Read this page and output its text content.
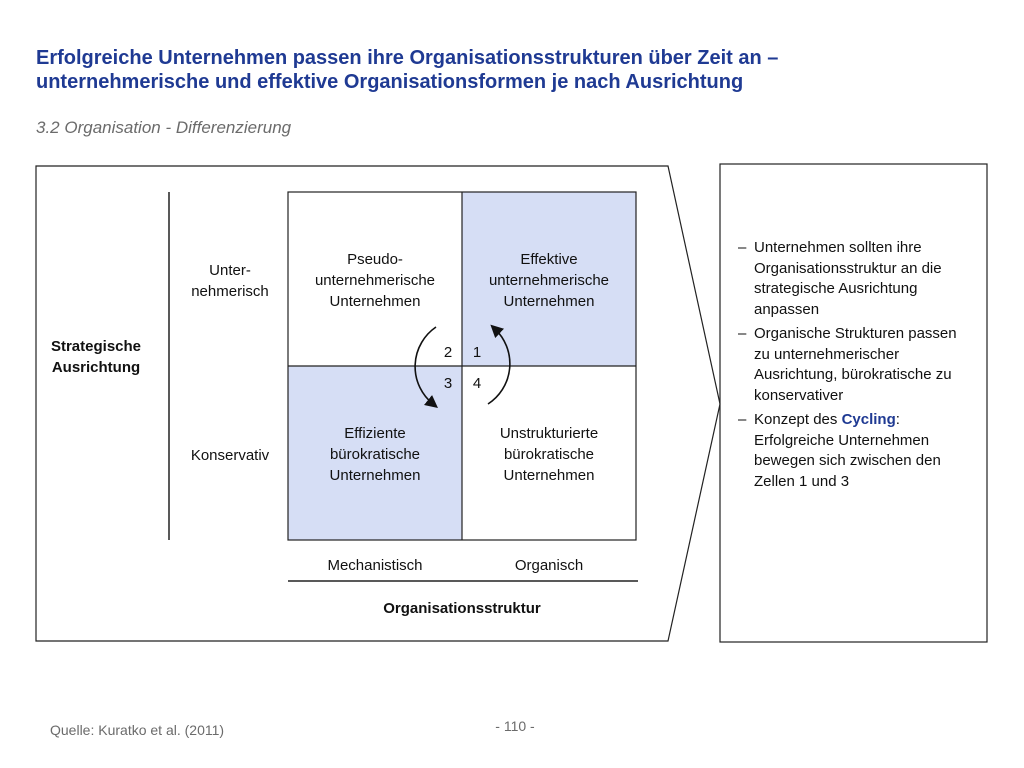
Erfolgreiche Unternehmen passen ihre Organisationsstrukturen über Zeit an –
unternehmerische und effektive Organisationsformen je nach Ausrichtung
3.2 Organisation - Differenzierung
Strategische
Ausrichtung
Unter-
nehmerisch
Konservativ
Pseudo-
unternehmerische
Unternehmen
Effektive
unternehmerische
Unternehmen
Effiziente
bürokratische
Unternehmen
Unstrukturierte
bürokratische
Unternehmen
2 1
3 4
Mechanistisch	Organisch
Organisationsstruktur
– Unternehmen sollten ihre Organisationsstruktur an die strategische Ausrichtung anpassen
– Organische Strukturen passen zu unternehmerischer Ausrichtung, bürokratische zu konservativer
– Konzept des Cycling: Erfolgreiche Unternehmen bewegen sich zwischen den Zellen 1 und 3
Quelle: Kuratko et al. (2011)	- 110 -
